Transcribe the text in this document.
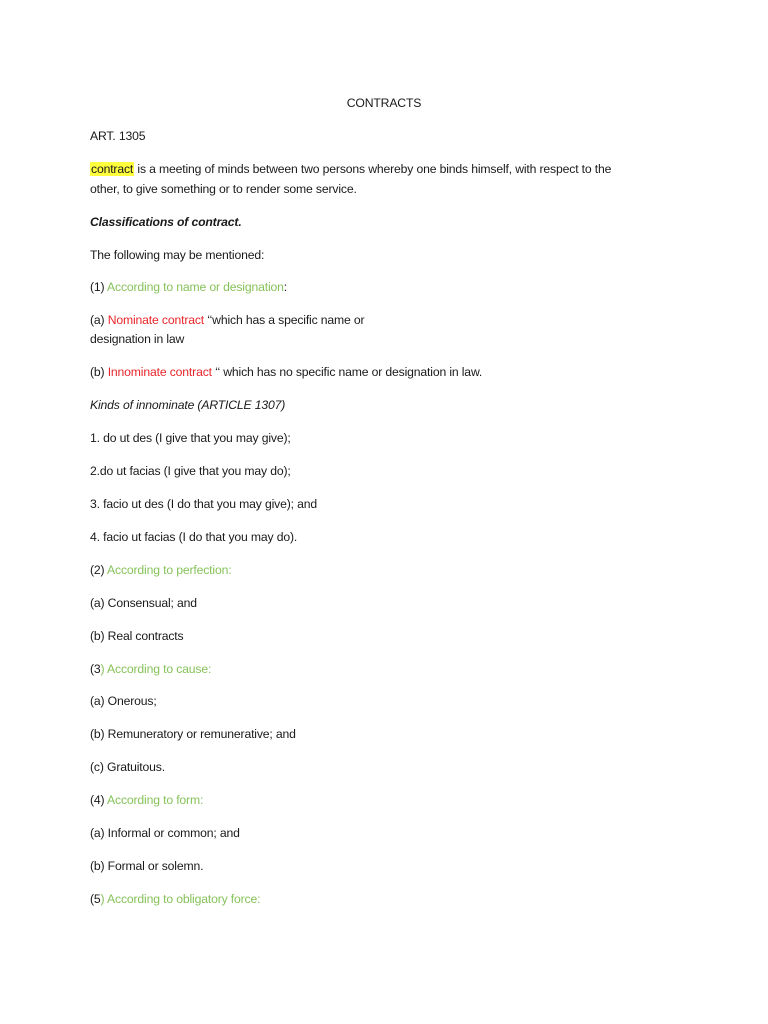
CONTRACTS
ART. 1305
contract is a meeting of minds between two persons whereby one binds himself, with respect to the
other, to give something or to render some service.
Classifications of contract.
The following may be mentioned:
(1) According to name or designation:
(a) Nominate contract ‘‘which has a specific name or
designation in law
(b) Innominate contract ‘‘ which has no specific name or designation in law.
Kinds of innominate (ARTICLE 1307)
1. do ut des (I give that you may give);
2.do ut facias (I give that you may do);
3. facio ut des (I do that you may give); and
4. facio ut facias (I do that you may do).
(2) According to perfection:
(a) Consensual; and
(b) Real contracts
(3) According to cause:
(a) Onerous;
(b) Remuneratory or remunerative; and
(c) Gratuitous.
(4) According to form:
(a) Informal or common; and
(b) Formal or solemn.
(5) According to obligatory force:
